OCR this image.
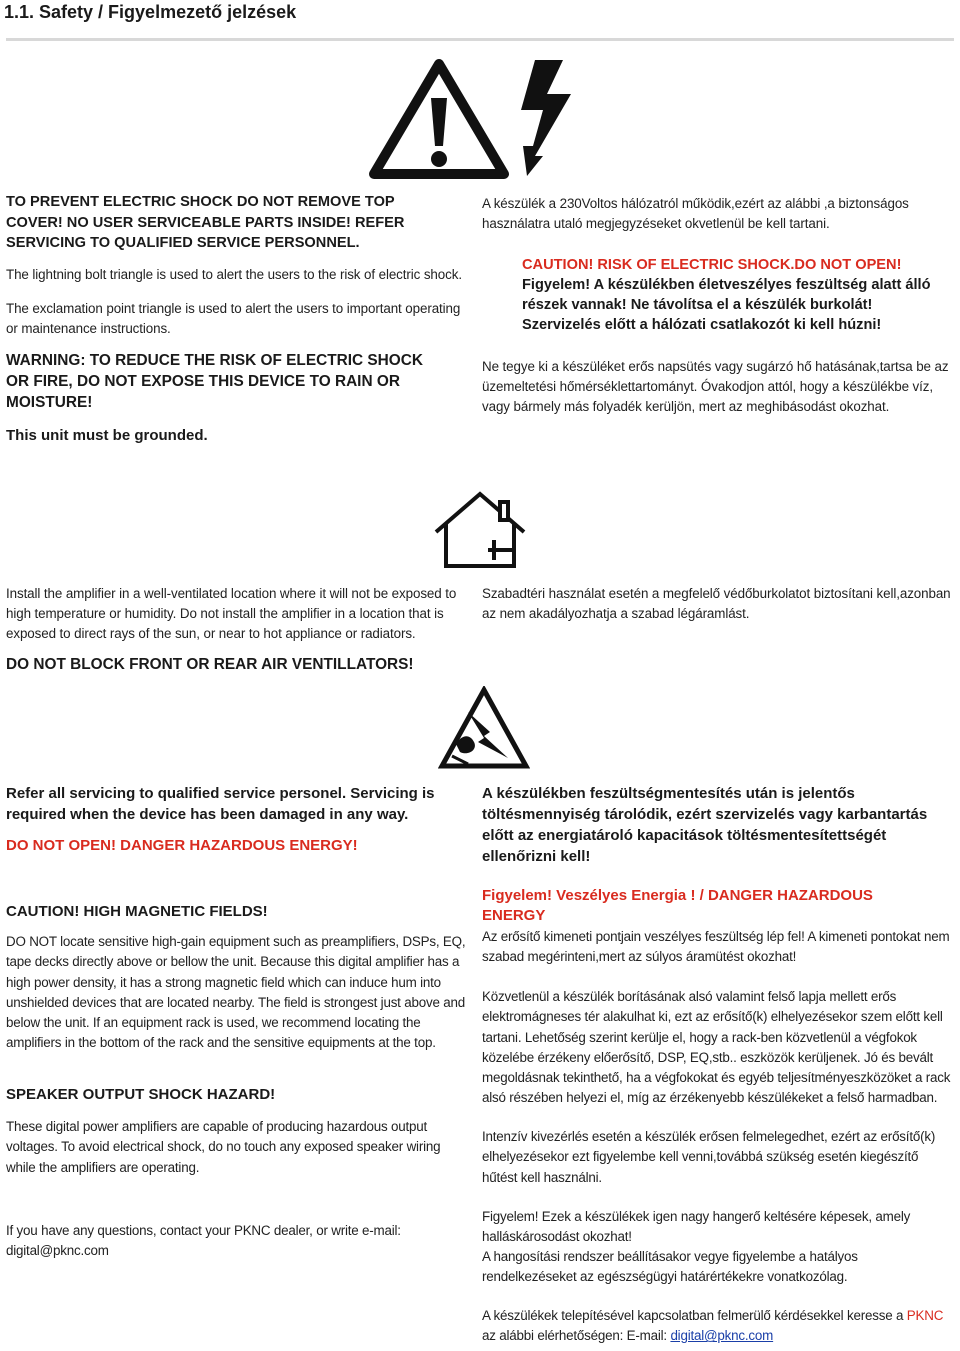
1.1. Safety / Figyelmezető jelzések
TO PREVENT ELECTRIC SHOCK DO NOT REMOVE TOP COVER! NO USER SERVICEABLE PARTS INSIDE! REFER SERVICING TO QUALIFIED SERVICE PERSONNEL.
The lightning bolt triangle is used to alert the users to the risk of electric shock.
The exclamation point triangle is used to alert the users to important operating or maintenance instructions.
WARNING: TO REDUCE THE RISK OF ELECTRIC SHOCK OR FIRE, DO NOT EXPOSE THIS DEVICE TO RAIN OR MOISTURE!
This unit must be grounded.
A készülék a 230Voltos hálózatról működik,ezért az alábbi ,a biztonságos használatra utaló megjegyzéseket okvetlenül be kell tartani.
CAUTION! RISK OF ELECTRIC SHOCK.DO NOT OPEN!
Figyelem! A készülékben életveszélyes feszültség alatt álló részek vannak! Ne távolítsa el a készülék burkolát! Szervizelés előtt a hálózati csatlakozót ki kell húzni!
Ne tegye ki a készüléket erős napsütés vagy sugárzó hő hatásának,tartsa be az üzemeltetési hőmérséklettartományt. Óvakodjon attól, hogy a készülékbe víz, vagy bármely más folyadék kerüljön, mert az meghibásodást okozhat.
Install the amplifier in a well-ventilated location where it will not be exposed to high temperature or humidity. Do not install the amplifier in a location that is exposed to direct rays of the sun, or near to hot appliance or radiators.
DO NOT BLOCK FRONT OR REAR AIR VENTILLATORS!
Szabadtéri használat esetén a megfelelő védőburkolatot biztosítani kell,azonban az nem akadályozhatja a szabad légáramlást.
Refer all servicing to qualified service personel. Servicing is required when the device has been damaged in any way.
DO NOT OPEN! DANGER HAZARDOUS ENERGY!
A készülékben feszültségmentesítés után is jelentős töltésmennyiség tárolódik, ezért szervizelés vagy karbantartás előtt az energiatároló kapacitások töltésmentesítettségét ellenőrizni kell!
CAUTION! HIGH MAGNETIC FIELDS!
DO NOT locate sensitive high-gain equipment such as preamplifiers, DSPs, EQ, tape decks directly above or bellow the unit. Because this digital amplifier has a high power density, it has a strong magnetic field which can induce hum into unshielded devices that are located nearby. The field is strongest just above and below the unit. If an equipment rack is used, we recommend locating the amplifiers in the bottom of the rack and the sensitive equipments at the top.
Figyelem! Veszélyes Energia ! / DANGER HAZARDOUS ENERGY
Az erősítő kimeneti pontjain veszélyes feszültség lép fel! A kimeneti pontokat nem szabad megérinteni,mert az súlyos áramütést okozhat!
Közvetlenül a készülék borításának alsó valamint felső lapja mellett erős elektromágneses tér alakulhat ki, ezt az erősítő(k) elhelyezésekor szem előtt kell tartani. Lehetőség szerint kerülje el, hogy a rack-ben közvetlenül a végfokok közelébe érzékeny előerősítő, DSP, EQ,stb.. eszközök kerüljenek. Jó és bevált megoldásnak tekinthető, ha a végfokokat és egyéb teljesítményeszközöket a rack alsó részében helyezi el, míg az érzékenyebb készülékeket a felső harmadban.
SPEAKER OUTPUT SHOCK HAZARD!
These digital power amplifiers are capable of producing hazardous output voltages. To avoid electrical shock, do no touch any exposed speaker wiring while the amplifiers are operating.
Intenzív kivezérlés esetén a készülék erősen felmelegedhet, ezért az erősítő(k) elhelyezésekor ezt figyelembe kell venni,továbbá szükség esetén kiegészítő hűtést kell használni.
If you have any questions, contact your PKNC dealer, or write e-mail: digital@pknc.com
Figyelem! Ezek a készülékek igen nagy hangerő keltésére képesek, amely halláskárosodást okozhat!
A hangosítási rendszer beállításakor vegye figyelembe a hatályos rendelkezéseket az egészségügyi határértékekre vonatkozólag.
A készülékek telepítésével kapcsolatban felmerülő kérdésekkel keresse a PKNC
az alábbi elérhetőségen: E-mail: digital@pknc.com
